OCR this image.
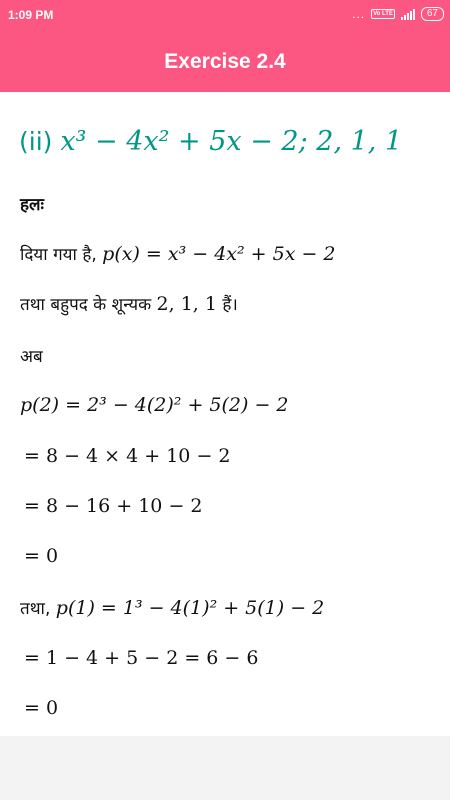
1:09 PM	...	Vo LTE	67
Exercise 2.4
(ii) x³ − 4x² + 5x − 2; 2, 1, 1
हलः
दिया गया है, p(x) = x³ − 4x² + 5x − 2
तथा बहुपद के शून्यक 2, 1, 1 हैं।
अब
p(2) = 2³ − 4(2)² + 5(2) − 2
= 8 − 4 × 4 + 10 − 2
= 8 − 16 + 10 − 2
= 0
तथा, p(1) = 1³ − 4(1)² + 5(1) − 2
= 1 − 4 + 5 − 2 = 6 − 6
= 0
